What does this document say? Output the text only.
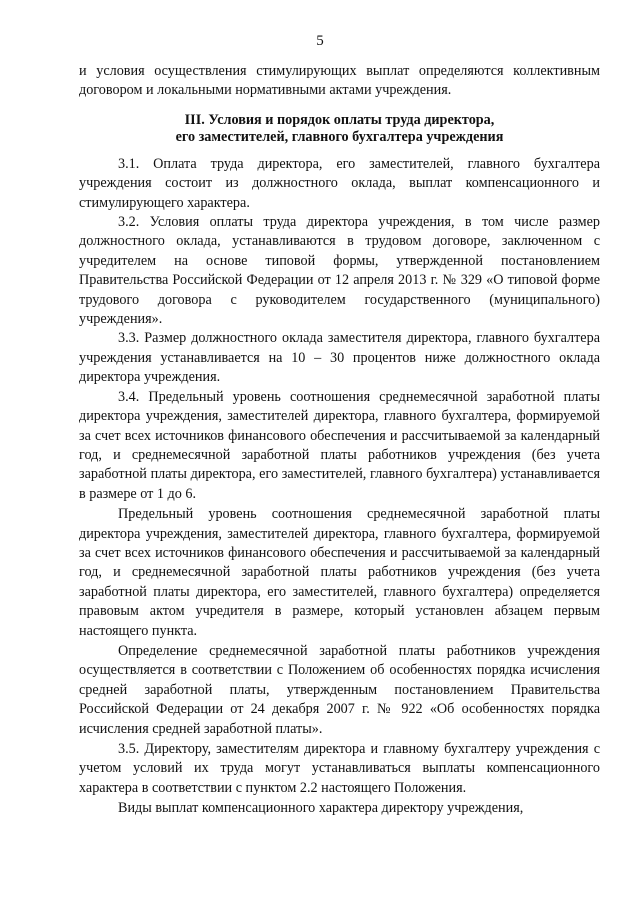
5

и условия осуществления стимулирующих выплат определяются коллективным договором и локальными нормативными актами учреждения.

III. Условия и порядок оплаты труда директора,
его заместителей, главного бухгалтера учреждения

3.1. Оплата труда директора, его заместителей, главного бухгалтера учреждения состоит из должностного оклада, выплат компенсационного и стимулирующего характера.

3.2. Условия оплаты труда директора учреждения, в том числе размер должностного оклада, устанавливаются в трудовом договоре, заключенном с учредителем на основе типовой формы, утвержденной постановлением Правительства Российской Федерации от 12 апреля 2013 г. № 329 «О типовой форме трудового договора с руководителем государственного (муниципального) учреждения».

3.3. Размер должностного оклада заместителя директора, главного бухгалтера учреждения устанавливается на 10 – 30 процентов ниже должностного оклада директора учреждения.

3.4. Предельный уровень соотношения среднемесячной заработной платы директора учреждения, заместителей директора, главного бухгалтера, формируемой за счет всех источников финансового обеспечения и рассчитываемой за календарный год, и среднемесячной заработной платы работников учреждения (без учета заработной платы директора, его заместителей, главного бухгалтера) устанавливается в размере от 1 до 6.

Предельный уровень соотношения среднемесячной заработной платы директора учреждения, заместителей директора, главного бухгалтера, формируемой за счет всех источников финансового обеспечения и рассчитываемой за календарный год, и среднемесячной заработной платы работников учреждения (без учета заработной платы директора, его заместителей, главного бухгалтера) определяется правовым актом учредителя в размере, который установлен абзацем первым настоящего пункта.

Определение среднемесячной заработной платы работников учреждения осуществляется в соответствии с Положением об особенностях порядка исчисления средней заработной платы, утвержденным постановлением Правительства Российской Федерации от 24 декабря 2007 г. № 922 «Об особенностях порядка исчисления средней заработной платы».

3.5. Директору, заместителям директора и главному бухгалтеру учреждения с учетом условий их труда могут устанавливаться выплаты компенсационного характера в соответствии с пунктом 2.2 настоящего Положения.

Виды выплат компенсационного характера директору учреждения,
